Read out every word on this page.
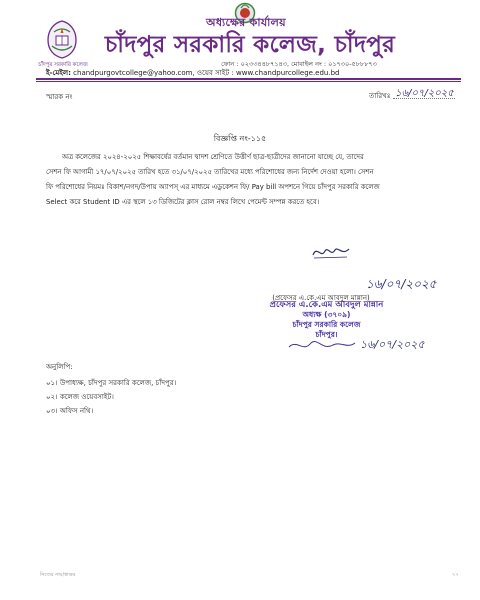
অধ্যক্ষের কার্যালয়
চাঁদপুর সরকারি কলেজ
চাঁদপুর সরকারি কলেজ, চাঁদপুর
ফোন : ০২৩৩৪৪৮৭১৪৩, মোবাইল নং : ০১৭৩০-৫৮৮৮৭৩
ই-মেইল: chandpurgovtcollege@yahoo.com, ওয়েব সাইট : www.chandpurcollege.edu.bd
স্মারক নং	তারিখঃ ১৬/০৭/২০২৫
বিজ্ঞপ্তি নং-১১৫

অত্র কলেজের ২০২৪-২০২৫ শিক্ষাবর্ষের বর্তমান দ্বাদশ শ্রেণিতে উত্তীর্ণ ছাত্র-ছাত্রীদের জানানো যাচ্ছে যে, তাদের

সেশন ফি আগামী ১৭/০৭/২০২৫ তারিখ হতে ৩১/০৭/২০২৫ তারিখের মধ্যে পরিশোধের জন্য নির্দেশ দেওয়া হলো। সেশন

ফি পরিশোধের নিয়মঃ বিকাশ/নগদ/উপায় অ্যাপস্ এর মাধ্যমে এডুকেশন ফি/ Pay bill অপশনে গিয়ে চাঁদপুর সরকারি কলেজ

Select করে Student ID এর স্থলে ১৩ ডিজিটের ক্লাস রোল নম্বর লিখে পেমেন্ট সম্পন্ন করতে হবে।

১৬/০৭/২০২৫
(প্রফেসর এ.কে.এম আবদুল মান্নান)
প্রফেসর এ.কে.এম আবদুল মান্নান
অধ্যক্ষ (৩৭০৯)
চাঁদপুর সরকারি কলেজ
চাঁদপুর।
১৬/০৭/২০২৫
অনুলিপি:
০১। উপাধ্যক্ষ, চাঁদপুর সরকারি কলেজ, চাঁদপুর।
০২। কলেজ ওয়েবসাইট।
০৩। অফিস নথি।
নিজের নাম/স্বাক্ষর	৭৭
